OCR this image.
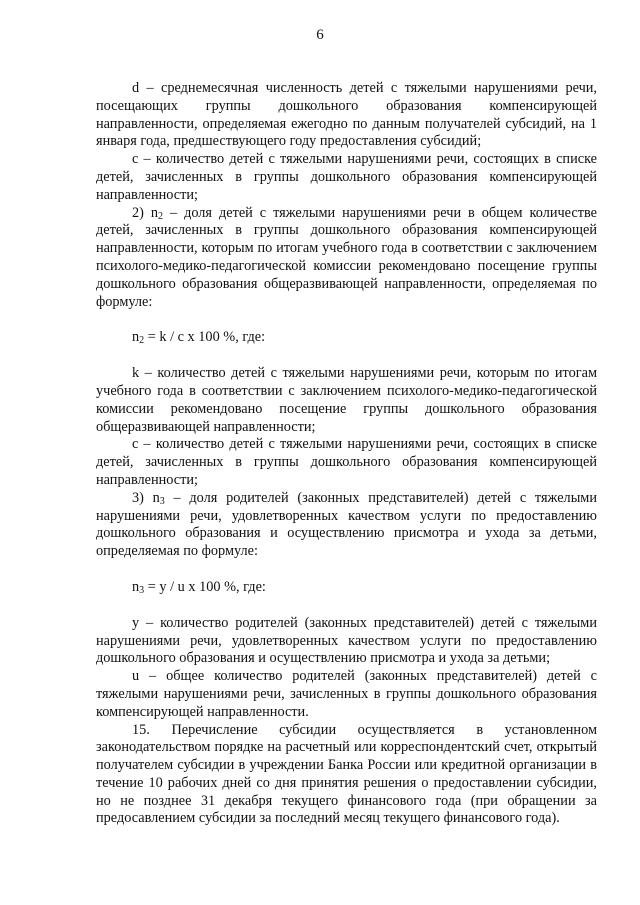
6

d – среднемесячная численность детей с тяжелыми нарушениями речи, посещающих группы дошкольного образования компенсирующей направленности, определяемая ежегодно по данным получателей субсидий, на 1 января года, предшествующего году предоставления субсидий;

с – количество детей с тяжелыми нарушениями речи, состоящих в списке детей, зачисленных в группы дошкольного образования компенсирующей направленности;

2) $n_2$ – доля детей с тяжелыми нарушениями речи в общем количестве детей, зачисленных в группы дошкольного образования компенсирующей направленности, которым по итогам учебного года в соответствии с заключением психолого-медико-педагогической комиссии рекомендовано посещение группы дошкольного образования общеразвивающей направленности, определяемая по формуле:

$n_2 = k / c$ x 100 %, где:

k – количество детей с тяжелыми нарушениями речи, которым по итогам учебного года в соответствии с заключением психолого-медико-педагогической комиссии рекомендовано посещение группы дошкольного образования общеразвивающей направленности;

с – количество детей с тяжелыми нарушениями речи, состоящих в списке детей, зачисленных в группы дошкольного образования компенсирующей направленности;

3) $n_3$ – доля родителей (законных представителей) детей с тяжелыми нарушениями речи, удовлетворенных качеством услуги по предоставлению дошкольного образования и осуществлению присмотра и ухода за детьми, определяемая по формуле:

$n_3 = y / u$ x 100 %, где:

y – количество родителей (законных представителей) детей с тяжелыми нарушениями речи, удовлетворенных качеством услуги по предоставлению дошкольного образования и осуществлению присмотра и ухода за детьми;

u – общее количество родителей (законных представителей) детей с тяжелыми нарушениями речи, зачисленных в группы дошкольного образования компенсирующей направленности.

15. Перечисление субсидии осуществляется в установленном законодательством порядке на расчетный или корреспондентский счет, открытый получателем субсидии в учреждении Банка России или кредитной организации в течение 10 рабочих дней со дня принятия решения о предоставлении субсидии, но не позднее 31 декабря текущего финансового года (при обращении за предосавлением субсидии за последний месяц текущего финансового года).
